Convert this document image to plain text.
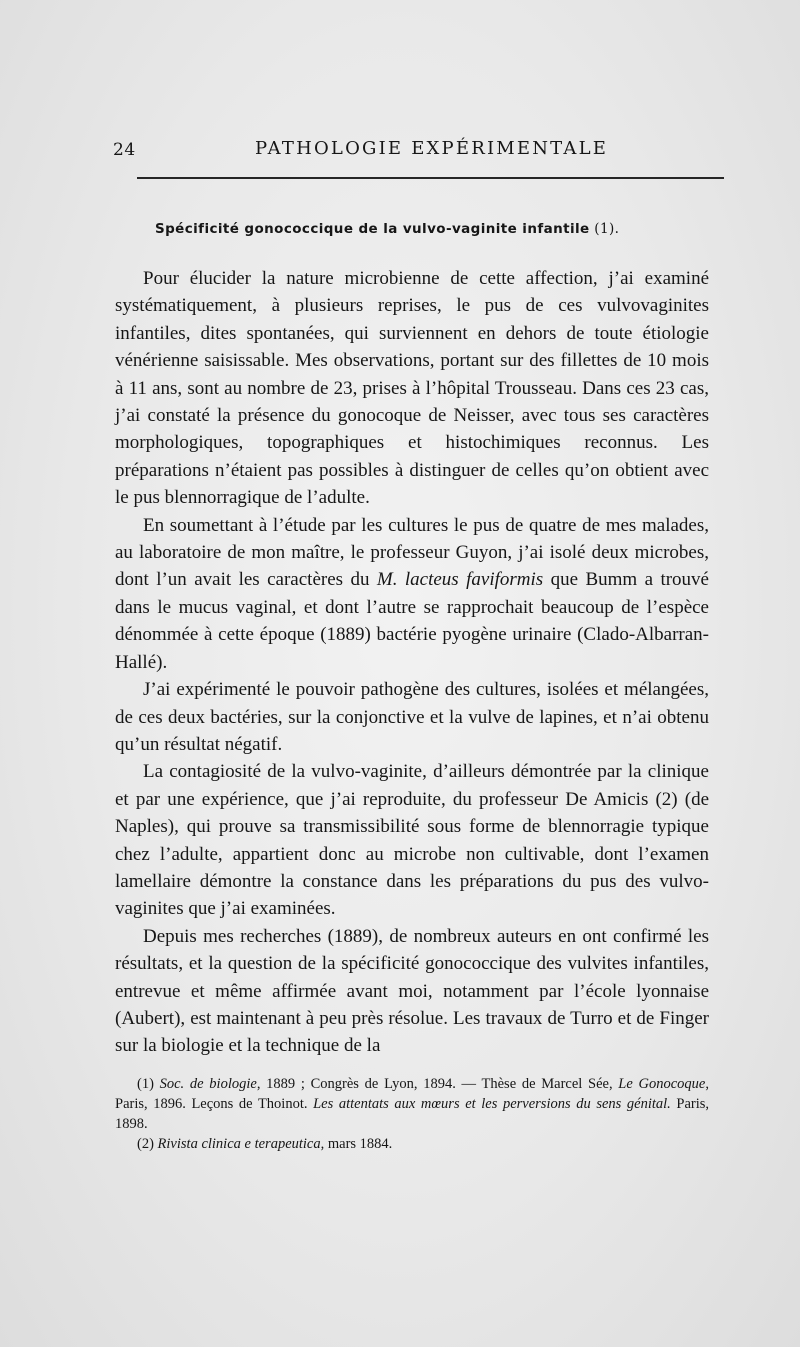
24	PATHOLOGIE EXPÉRIMENTALE
Spécificité gonococcique de la vulvo-vaginite infantile (1).

Pour élucider la nature microbienne de cette affection, j’ai examiné systématiquement, à plusieurs reprises, le pus de ces vulvovaginites infantiles, dites spontanées, qui surviennent en dehors de toute étiologie vénérienne saisissable. Mes observations, portant sur des fillettes de 10 mois à 11 ans, sont au nombre de 23, prises à l’hôpital Trousseau. Dans ces 23 cas, j’ai constaté la présence du gonocoque de Neisser, avec tous ses caractères morphologiques, topographiques et histochimiques reconnus. Les préparations n’étaient pas possibles à distinguer de celles qu’on obtient avec le pus blennorragique de l’adulte.

En soumettant à l’étude par les cultures le pus de quatre de mes malades, au laboratoire de mon maître, le professeur Guyon, j’ai isolé deux microbes, dont l’un avait les caractères du M. lacteus faviformis que Bumm a trouvé dans le mucus vaginal, et dont l’autre se rapprochait beaucoup de l’espèce dénommée à cette époque (1889) bactérie pyogène urinaire (Clado-Albarran-Hallé).

J’ai expérimenté le pouvoir pathogène des cultures, isolées et mélangées, de ces deux bactéries, sur la conjonctive et la vulve de lapines, et n’ai obtenu qu’un résultat négatif.

La contagiosité de la vulvo-vaginite, d’ailleurs démontrée par la clinique et par une expérience, que j’ai reproduite, du professeur De Amicis (2) (de Naples), qui prouve sa transmissibilité sous forme de blennorragie typique chez l’adulte, appartient donc au microbe non cultivable, dont l’examen lamellaire démontre la constance dans les préparations du pus des vulvo-vaginites que j’ai examinées.

Depuis mes recherches (1889), de nombreux auteurs en ont confirmé les résultats, et la question de la spécificité gonococcique des vulvites infantiles, entrevue et même affirmée avant moi, notamment par l’école lyonnaise (Aubert), est maintenant à peu près résolue. Les travaux de Turro et de Finger sur la biologie et la technique de la

(1) Soc. de biologie, 1889 ; Congrès de Lyon, 1894. — Thèse de Marcel Sée, Le Gonocoque, Paris, 1896. Leçons de Thoinot. Les attentats aux mœurs et les perversions du sens génital. Paris, 1898.

(2) Rivista clinica e terapeutica, mars 1884.
